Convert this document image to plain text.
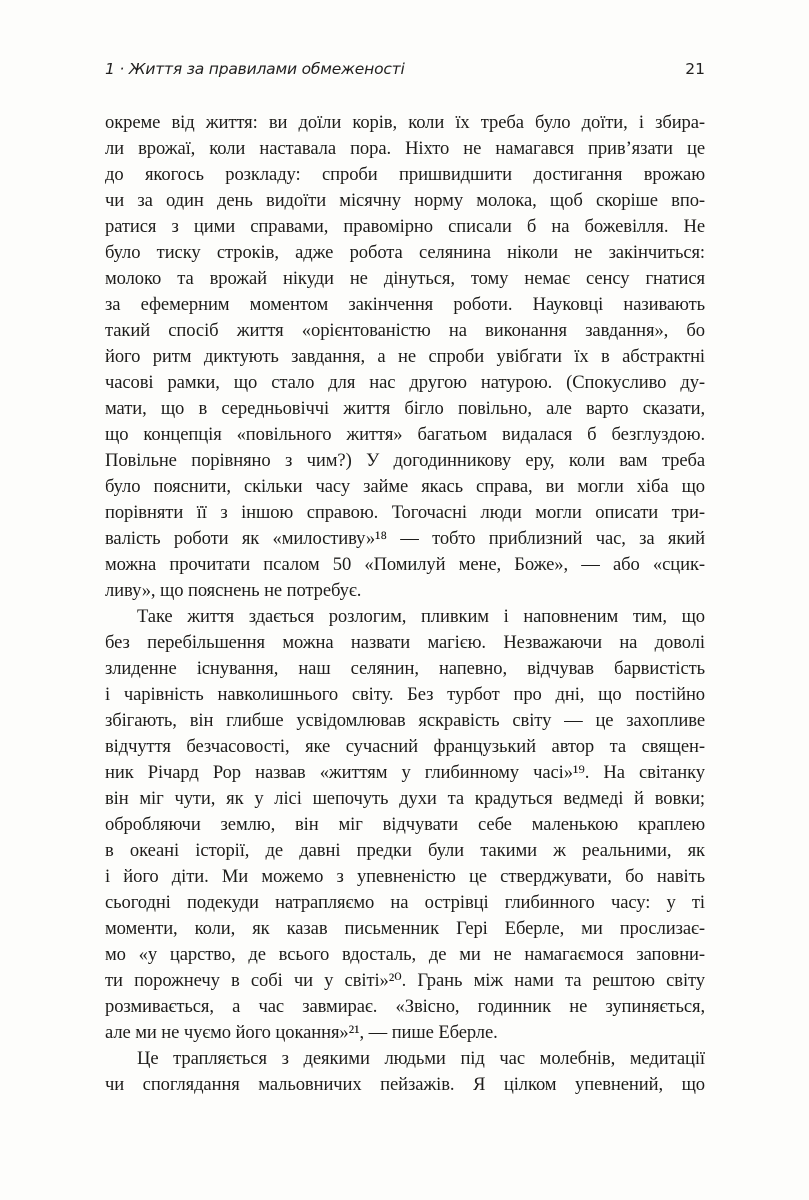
1 · Життя за правилами обмеженості	21
окреме від життя: ви доїли корів, коли їх треба було доїти, і збира-
ли врожаї, коли наставала пора. Ніхто не намагався прив’язати це
до якогось розкладу: спроби пришвидшити достигання врожаю
чи за один день видоїти місячну норму молока, щоб скоріше впо-
ратися з цими справами, правомірно списали б на божевілля. Не
було тиску строків, адже робота селянина ніколи не закінчиться:
молоко та врожай нікуди не дінуться, тому немає сенсу гнатися
за ефемерним моментом закінчення роботи. Науковці називають
такий спосіб життя «орієнтованістю на виконання завдання», бо
його ритм диктують завдання, а не спроби увібгати їх в абстрактні
часові рамки, що стало для нас другою натурою. (Спокусливо ду-
мати, що в середньовіччі життя бігло повільно, але варто сказати,
що концепція «повільного життя» багатьом видалася б безглуздою.
Повільне порівняно з чим?) У догодинникову еру, коли вам треба
було пояснити, скільки часу займе якась справа, ви могли хіба що
порівняти її з іншою справою. Тогочасні люди могли описати три-
валість роботи як «милостиву»¹⁸ — тобто приблизний час, за який
можна прочитати псалом 50 «Помилуй мене, Боже», — або «сцик-
ливу», що пояснень не потребує.
Таке життя здається розлогим, пливким і наповненим тим, що
без перебільшення можна назвати магією. Незважаючи на доволі
злиденне існування, наш селянин, напевно, відчував барвистість
і чарівність навколишнього світу. Без турбот про дні, що постійно
збігають, він глибше усвідомлював яскравість світу — це захопливе
відчуття безчасовості, яке сучасний французький автор та священ-
ник Річард Рор назвав «життям у глибинному часі»¹⁹. На світанку
він міг чути, як у лісі шепочуть духи та крадуться ведмеді й вовки;
обробляючи землю, він міг відчувати себе маленькою краплею
в океані історії, де давні предки були такими ж реальними, як
і його діти. Ми можемо з упевненістю це стверджувати, бо навіть
сьогодні подекуди натрапляємо на острівці глибинного часу: у ті
моменти, коли, як казав письменник Гері Еберле, ми прослизає-
мо «у царство, де всього вдосталь, де ми не намагаємося заповни-
ти порожнечу в собі чи у світі»²⁰. Грань між нами та рештою світу
розмивається, а час завмирає. «Звісно, годинник не зупиняється,
але ми не чуємо його цокання»²¹, — пише Еберле.
Це трапляється з деякими людьми під час молебнів, медитації
чи споглядання мальовничих пейзажів. Я цілком упевнений, що
